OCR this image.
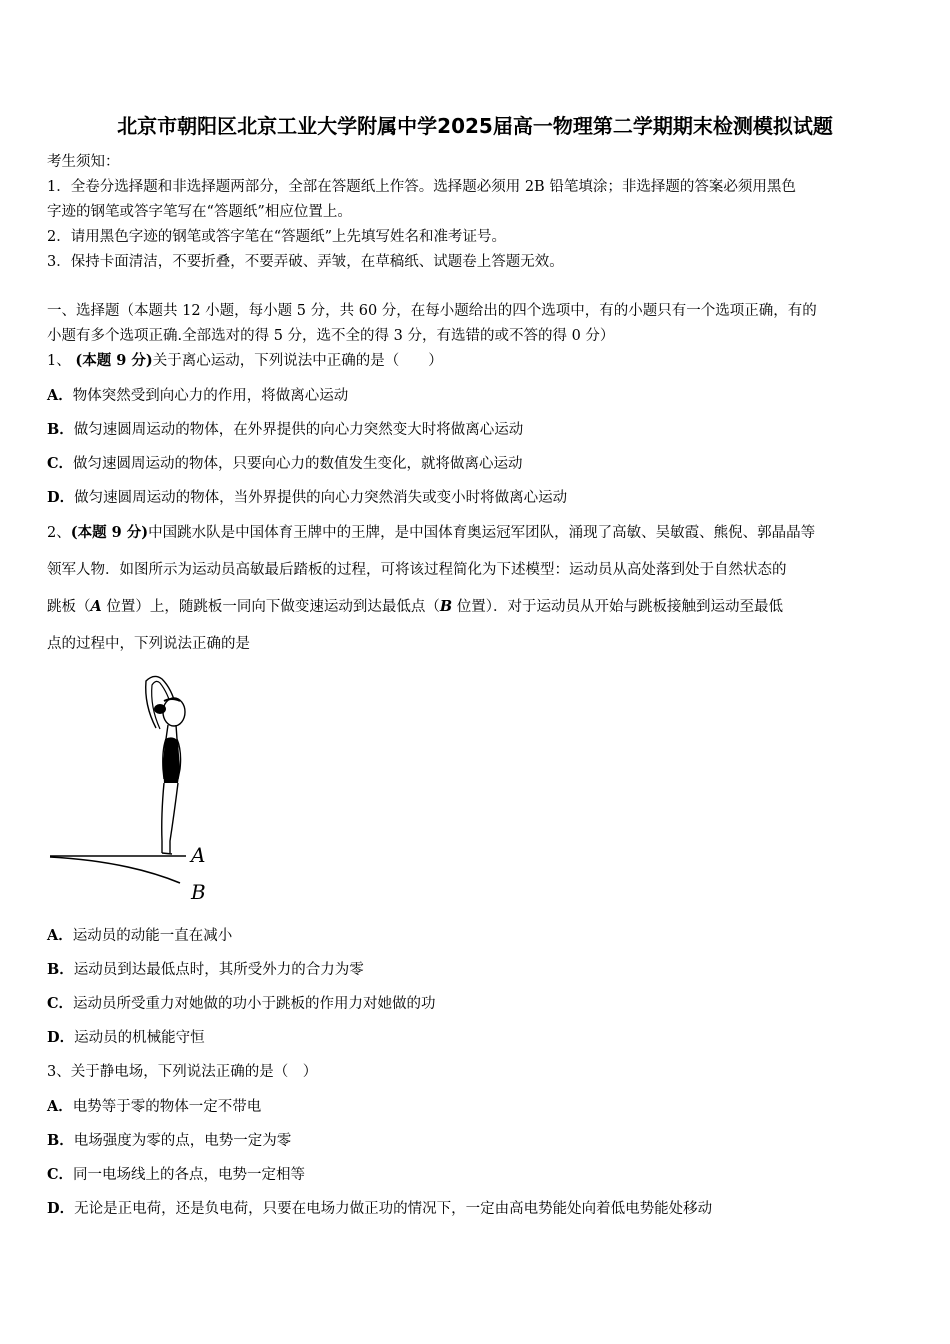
北京市朝阳区北京工业大学附属中学2025届高一物理第二学期期末检测模拟试题
考生须知：
1．全卷分选择题和非选择题两部分，全部在答题纸上作答。选择题必须用 2B 铅笔填涂；非选择题的答案必须用黑色
字迹的钢笔或答字笔写在“答题纸”相应位置上。
2．请用黑色字迹的钢笔或答字笔在“答题纸”上先填写姓名和准考证号。
3．保持卡面清洁，不要折叠，不要弄破、弄皱，在草稿纸、试题卷上答题无效。
一、选择题（本题共 12 小题，每小题 5 分，共 60 分，在每小题给出的四个选项中，有的小题只有一个选项正确，有的
小题有多个选项正确.全部选对的得 5 分，选不全的得 3 分，有选错的或不答的得 0 分）
1、 (本题 9 分)关于离心运动，下列说法中正确的是（　　）
A．物体突然受到向心力的作用，将做离心运动
B．做匀速圆周运动的物体，在外界提供的向心力突然变大时将做离心运动
C．做匀速圆周运动的物体，只要向心力的数值发生变化，就将做离心运动
D．做匀速圆周运动的物体，当外界提供的向心力突然消失或变小时将做离心运动
2、(本题 9 分)中国跳水队是中国体育王牌中的王牌，是中国体育奥运冠军团队，涌现了高敏、吴敏霞、熊倪、郭晶晶等
领军人物．如图所示为运动员高敏最后踏板的过程，可将该过程简化为下述模型：运动员从高处落到处于自然状态的
跳板（A 位置）上，随跳板一同向下做变速运动到达最低点（B 位置）．对于运动员从开始与跳板接触到运动至最低
点的过程中，下列说法正确的是
A
B
A．运动员的动能一直在减小
B．运动员到达最低点时，其所受外力的合力为零
C．运动员所受重力对她做的功小于跳板的作用力对她做的功
D．运动员的机械能守恒
3、关于静电场，下列说法正确的是（　）
A．电势等于零的物体一定不带电
B．电场强度为零的点，电势一定为零
C．同一电场线上的各点，电势一定相等
D．无论是正电荷，还是负电荷，只要在电场力做正功的情况下，一定由高电势能处向着低电势能处移动
